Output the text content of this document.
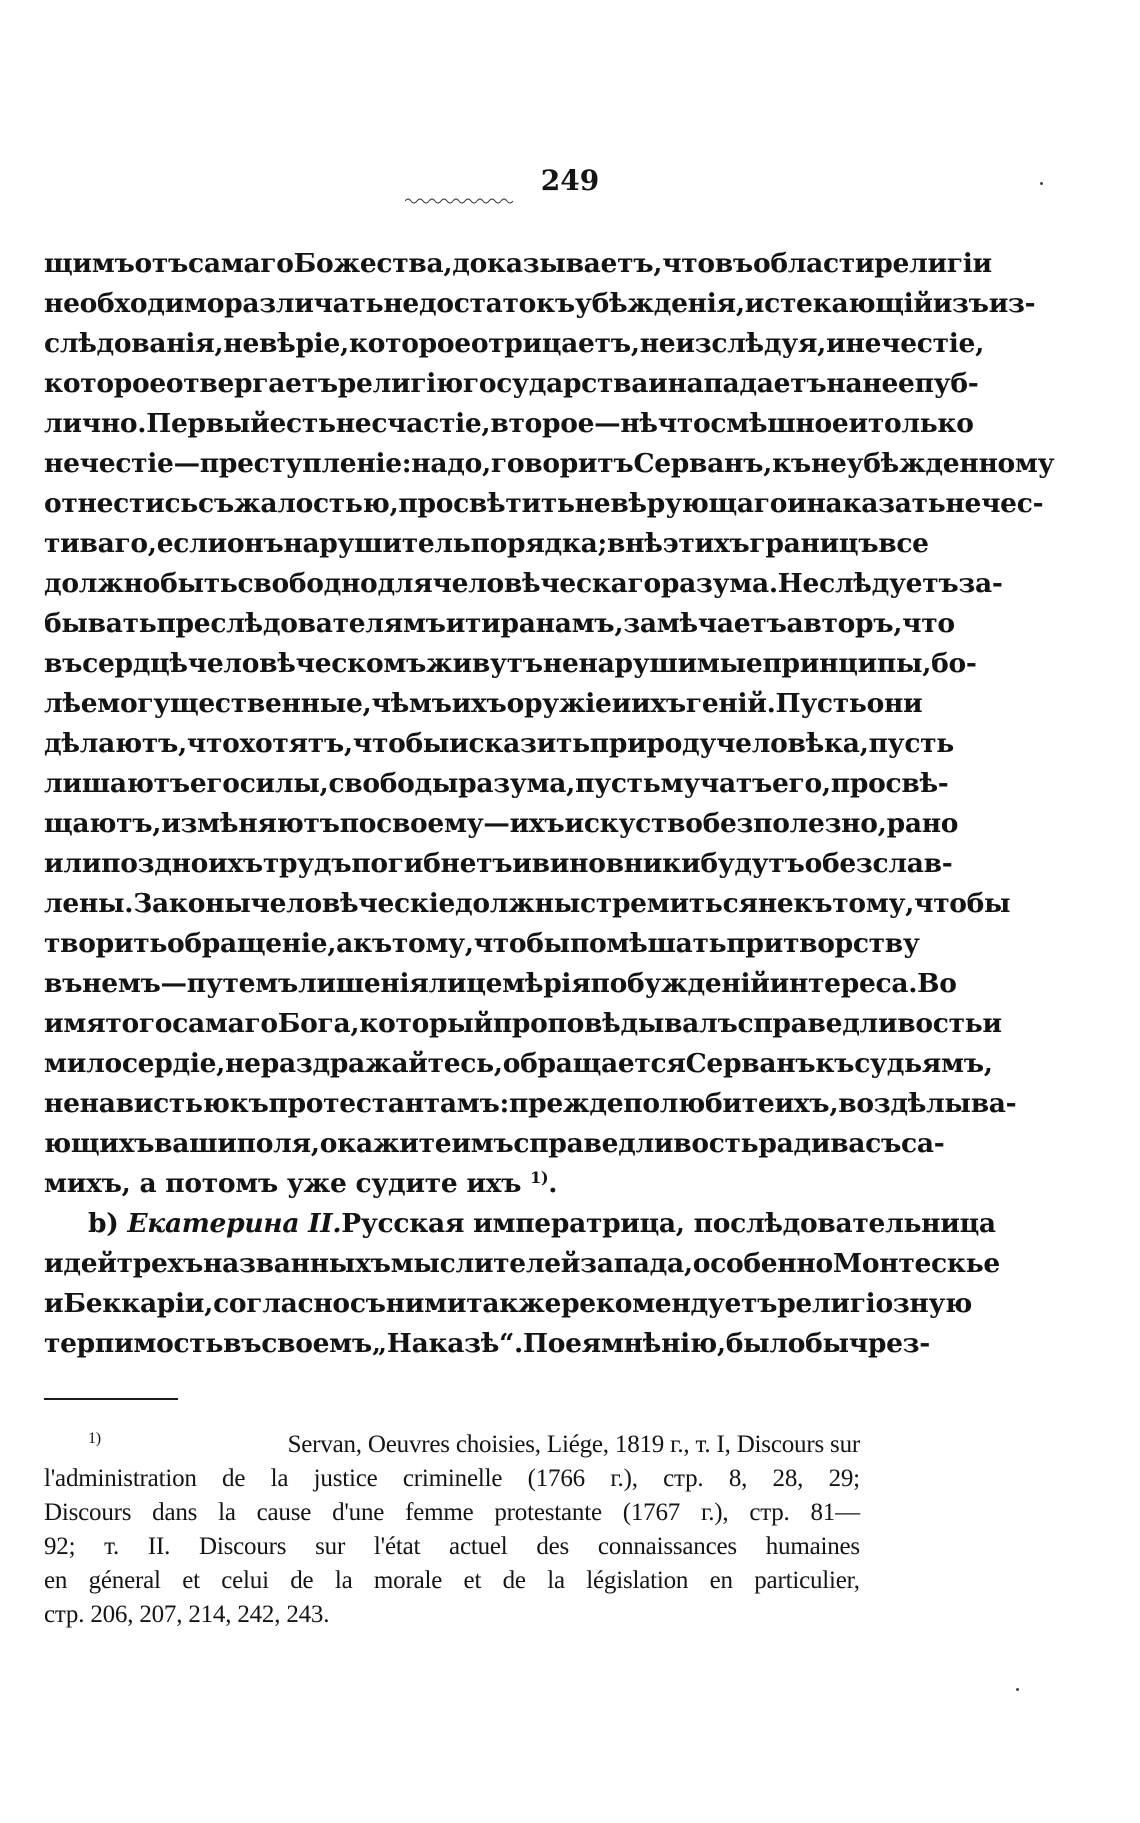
249
щимъ отъ самаго Божества, доказываетъ, что въ области религіи
необходимо различать недостатокъ убѣжденія, истекающій изъ из-
слѣдованія, невѣріе, которое отрицаетъ, не изслѣдуя, и нечестіе,
которое отвергаетъ религію государства и нападаетъ на нее пуб-
лично. Первый есть несчастіе, второе—нѣчто смѣшное и только
нечестіе—преступленіе: надо, говоритъ Серванъ, къ неубѣжденному
отнестись съ жалостью, просвѣтить невѣрующаго и наказать нечес-
тиваго, если онъ нарушитель порядка; внѣ этихъ границъ все
должно быть свободно для человѣческаго разума. Не слѣдуетъ за-
бывать преслѣдователямъ и тиранамъ, замѣчаетъ авторъ, что
въ сердцѣ человѣческомъ живутъ ненарушимые принципы, бо-
лѣе могущественные, чѣмъ ихъ оружіе и ихъ геній. Пусть они
дѣлаютъ, что хотятъ, чтобы исказить природу человѣка, пусть
лишаютъ его силы, свободы разума, пусть мучатъ его, просвѣ-
щаютъ, измѣняютъ по своему—ихъ искуство безполезно, рано
или поздно ихъ трудъ погибнетъ и виновники будутъ обезслав-
лены. Законы человѣческіе должны стремиться не къ тому, чтобы
творить обращеніе, а къ тому, чтобы помѣшать притворству
въ немъ—путемъ лишенія лицемѣрія побужденій интереса. Во
имя того самаго Бога, который проповѣдывалъ справедливость и
милосердіе, не раздражайтесь, обращается Серванъ къ судьямъ,
ненавистью къ протестантамъ: прежде полюбите ихъ, воздѣлыва-
ющихъ ваши поля, окажите имъ справедливость ради васъ са-
михъ, а потомъ уже судите ихъ $^{1)}$.
b) Екатерина II. Русская императрица, послѣдовательница
идей трехъ названныхъ мыслителей запада, особенно Монтескье
и Беккаріи, согласно съ ними также рекомендуетъ религіозную
терпимость въ своемъ „Наказѣ“. По ея мнѣнію, было бы чрез-
1)	Servan, Oeuvres choisies, Liége, 1819 г., т. I, Discours sur
l'administration de la justice criminelle (1766 г.), стр. 8, 28, 29;
Discours dans la cause d'une femme protestante (1767 г.), стр. 81—
92; т. II. Discours sur l'état actuel des connaissances humaines
en géneral et celui de la morale et de la législation en particulier,
стр. 206, 207, 214, 242, 243.
